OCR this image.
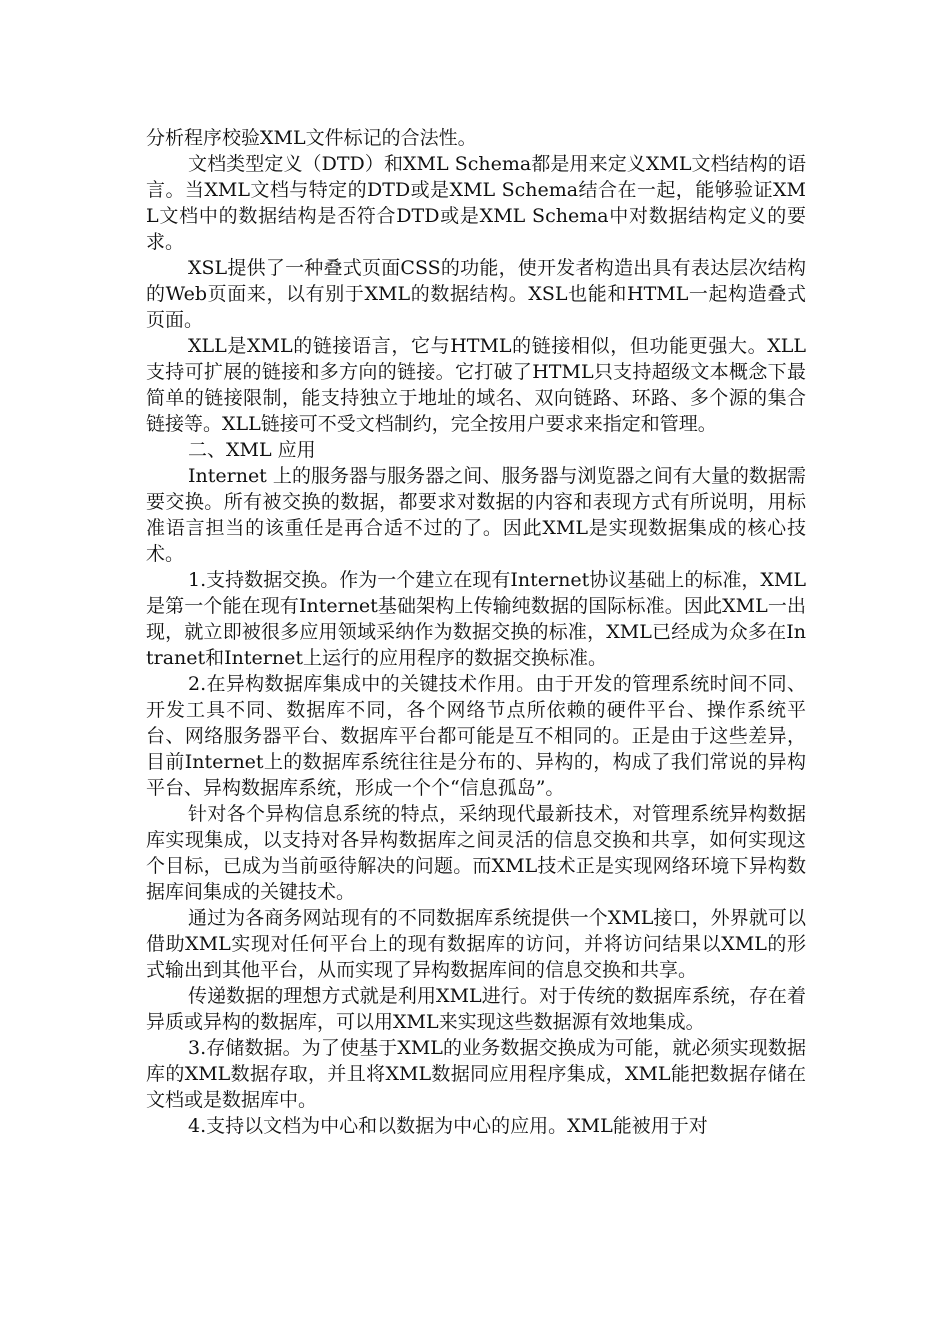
分析程序校验XML文件标记的合法性。

文档类型定义（DTD）和XML Schema都是用来定义XML文档结构的语言。当XML文档与特定的DTD或是XML Schema结合在一起，能够验证XML文档中的数据结构是否符合DTD或是XML Schema中对数据结构定义的要求。

XSL提供了一种叠式页面CSS的功能，使开发者构造出具有表达层次结构的Web页面来，以有别于XML的数据结构。XSL也能和HTML一起构造叠式页面。

XLL是XML的链接语言，它与HTML的链接相似，但功能更强大。XLL支持可扩展的链接和多方向的链接。它打破了HTML只支持超级文本概念下最简单的链接限制，能支持独立于地址的域名、双向链路、环路、多个源的集合链接等。XLL链接可不受文档制约，完全按用户要求来指定和管理。

二、XML 应用

Internet 上的服务器与服务器之间、服务器与浏览器之间有大量的数据需要交换。所有被交换的数据，都要求对数据的内容和表现方式有所说明，用标准语言担当的该重任是再合适不过的了。因此XML是实现数据集成的核心技术。

1.支持数据交换。作为一个建立在现有Internet协议基础上的标准，XML是第一个能在现有Internet基础架构上传输纯数据的国际标准。因此XML一出现，就立即被很多应用领域采纳作为数据交换的标准，XML已经成为众多在Intranet和Internet上运行的应用程序的数据交换标准。

2.在异构数据库集成中的关键技术作用。由于开发的管理系统时间不同、开发工具不同、数据库不同，各个网络节点所依赖的硬件平台、操作系统平台、网络服务器平台、数据库平台都可能是互不相同的。正是由于这些差异，目前Internet上的数据库系统往往是分布的、异构的，构成了我们常说的异构平台、异构数据库系统，形成一个个“信息孤岛”。

针对各个异构信息系统的特点，采纳现代最新技术，对管理系统异构数据库实现集成，以支持对各异构数据库之间灵活的信息交换和共享，如何实现这个目标，已成为当前亟待解决的问题。而XML技术正是实现网络环境下异构数据库间集成的关键技术。

通过为各商务网站现有的不同数据库系统提供一个XML接口，外界就可以借助XML实现对任何平台上的现有数据库的访问，并将访问结果以XML的形式输出到其他平台，从而实现了异构数据库间的信息交换和共享。

传递数据的理想方式就是利用XML进行。对于传统的数据库系统，存在着异质或异构的数据库，可以用XML来实现这些数据源有效地集成。

3.存储数据。为了使基于XML的业务数据交换成为可能，就必须实现数据库的XML数据存取，并且将XML数据同应用程序集成，XML能把数据存储在文档或是数据库中。

4.支持以文档为中心和以数据为中心的应用。XML能被用于对
